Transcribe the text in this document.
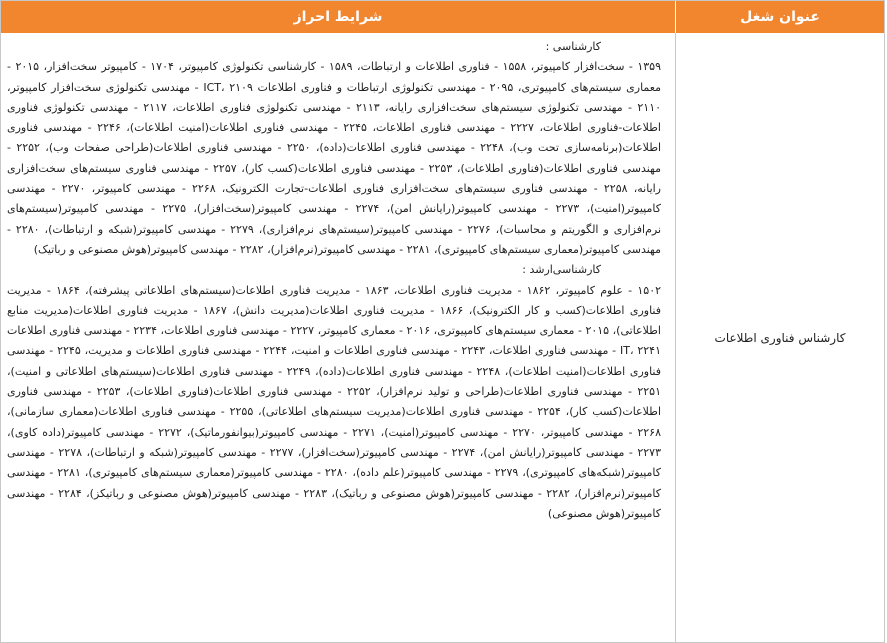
عنوان شغل
شرایط احراز
کارشناس فناوری اطلاعات
کارشناسی :

۱۳۵۹ - سخت‌افزار کامپیوتر، ۱۵۵۸ - فناوری اطلاعات و ارتباطات، ۱۵۸۹ - کارشناسی تکنولوژی کامپیوتر، ۱۷۰۴ - کامپیوتر سخت‌افزار، ۲۰۱۵ - معماری سیستم‌های کامپیوتری، ۲۰۹۵ - مهندسی تکنولوژی ارتباطات و فناوری اطلاعات ICT، ۲۱۰۹ - مهندسی تکنولوژی سخت‌افزار کامپیوتر، ۲۱۱۰ - مهندسی تکنولوژی سیستم‌های سخت‌افزاری رایانه، ۲۱۱۳ - مهندسی تکنولوژی فناوری اطلاعات، ۲۱۱۷ - مهندسی تکنولوژی فناوری اطلاعات-فناوری اطلاعات، ۲۲۲۷ - مهندسی فناوری اطلاعات، ۲۲۴۵ - مهندسی فناوری اطلاعات(امنیت اطلاعات)، ۲۲۴۶ - مهندسی فناوری اطلاعات(برنامه‌سازی تحت وب)، ۲۲۴۸ - مهندسی فناوری اطلاعات(داده)، ۲۲۵۰ - مهندسی فناوری اطلاعات(طراحی صفحات وب)، ۲۲۵۲ - مهندسی فناوری اطلاعات(فناوری اطلاعات)، ۲۲۵۳ - مهندسی فناوری اطلاعات(کسب کار)، ۲۲۵۷ - مهندسی فناوری سیستم‌های سخت‌افزاری رایانه، ۲۲۵۸ - مهندسی فناوری سیستم‌های سخت‌افزاری فناوری اطلاعات-تجارت الکترونیک، ۲۲۶۸ - مهندسی کامپیوتر، ۲۲۷۰ - مهندسی کامپیوتر(امنیت)، ۲۲۷۳ - مهندسی کامپیوتر(رایانش امن)، ۲۲۷۴ - مهندسی کامپیوتر(سخت‌افزار)، ۲۲۷۵ - مهندسی کامپیوتر(سیستم‌های نرم‌افزاری و الگوریتم و محاسبات)، ۲۲۷۶ - مهندسی کامپیوتر(سیستم‌های نرم‌افزاری)، ۲۲۷۹ - مهندسی کامپیوتر(شبکه و ارتباطات)، ۲۲۸۰ - مهندسی کامپیوتر(معماری سیستم‌های کامپیوتری)، ۲۲۸۱ - مهندسی کامپیوتر(نرم‌افزار)، ۲۲۸۲ - مهندسی کامپیوتر(هوش مصنوعی و رباتیک)

کارشناسی‌ارشد :

۱۵۰۲ - علوم کامپیوتر، ۱۸۶۲ - مدیریت فناوری اطلاعات، ۱۸۶۳ - مدیریت فناوری اطلاعات(سیستم‌های اطلاعاتی پیشرفته)، ۱۸۶۴ - مدیریت فناوری اطلاعات(کسب و کار الکترونیک)، ۱۸۶۶ - مدیریت فناوری اطلاعات(مدیریت دانش)، ۱۸۶۷ - مدیریت فناوری اطلاعات(مدیریت منابع اطلاعاتی)، ۲۰۱۵ - معماری سیستم‌های کامپیوتری، ۲۰۱۶ - معماری کامپیوتر، ۲۲۲۷ - مهندسی فناوری اطلاعات، ۲۲۳۴ - مهندسی فناوری اطلاعات IT، ۲۲۴۱ - مهندسی فناوری اطلاعات، ۲۲۴۳ - مهندسی فناوری اطلاعات و امنیت، ۲۲۴۴ - مهندسی فناوری اطلاعات و مدیریت، ۲۲۴۵ - مهندسی فناوری اطلاعات(امنیت اطلاعات)، ۲۲۴۸ - مهندسی فناوری اطلاعات(داده)، ۲۲۴۹ - مهندسی فناوری اطلاعات(سیستم‌های اطلاعاتی و امنیت)، ۲۲۵۱ - مهندسی فناوری اطلاعات(طراحی و تولید نرم‌افزار)، ۲۲۵۲ - مهندسی فناوری اطلاعات(فناوری اطلاعات)، ۲۲۵۳ - مهندسی فناوری اطلاعات(کسب کار)، ۲۲۵۴ - مهندسی فناوری اطلاعات(مدیریت سیستم‌های اطلاعاتی)، ۲۲۵۵ - مهندسی فناوری اطلاعات(معماری سازمانی)، ۲۲۶۸ - مهندسی کامپیوتر، ۲۲۷۰ - مهندسی کامپیوتر(امنیت)، ۲۲۷۱ - مهندسی کامپیوتر(بیوانفورماتیک)، ۲۲۷۲ - مهندسی کامپیوتر(داده کاوی)، ۲۲۷۳ - مهندسی کامپیوتر(رایانش امن)، ۲۲۷۴ - مهندسی کامپیوتر(سخت‌افزار)، ۲۲۷۷ - مهندسی کامپیوتر(شبکه و ارتباطات)، ۲۲۷۸ - مهندسی کامپیوتر(شبکه‌های کامپیوتری)، ۲۲۷۹ - مهندسی کامپیوتر(علم داده)، ۲۲۸۰ - مهندسی کامپیوتر(معماری سیستم‌های کامپیوتری)، ۲۲۸۱ - مهندسی کامپیوتر(نرم‌افزار)، ۲۲۸۲ - مهندسی کامپیوتر(هوش مصنوعی و رباتیک)، ۲۲۸۳ - مهندسی کامپیوتر(هوش مصنوعی و رباتیکز)، ۲۲۸۴ - مهندسی کامپیوتر(هوش مصنوعی)
